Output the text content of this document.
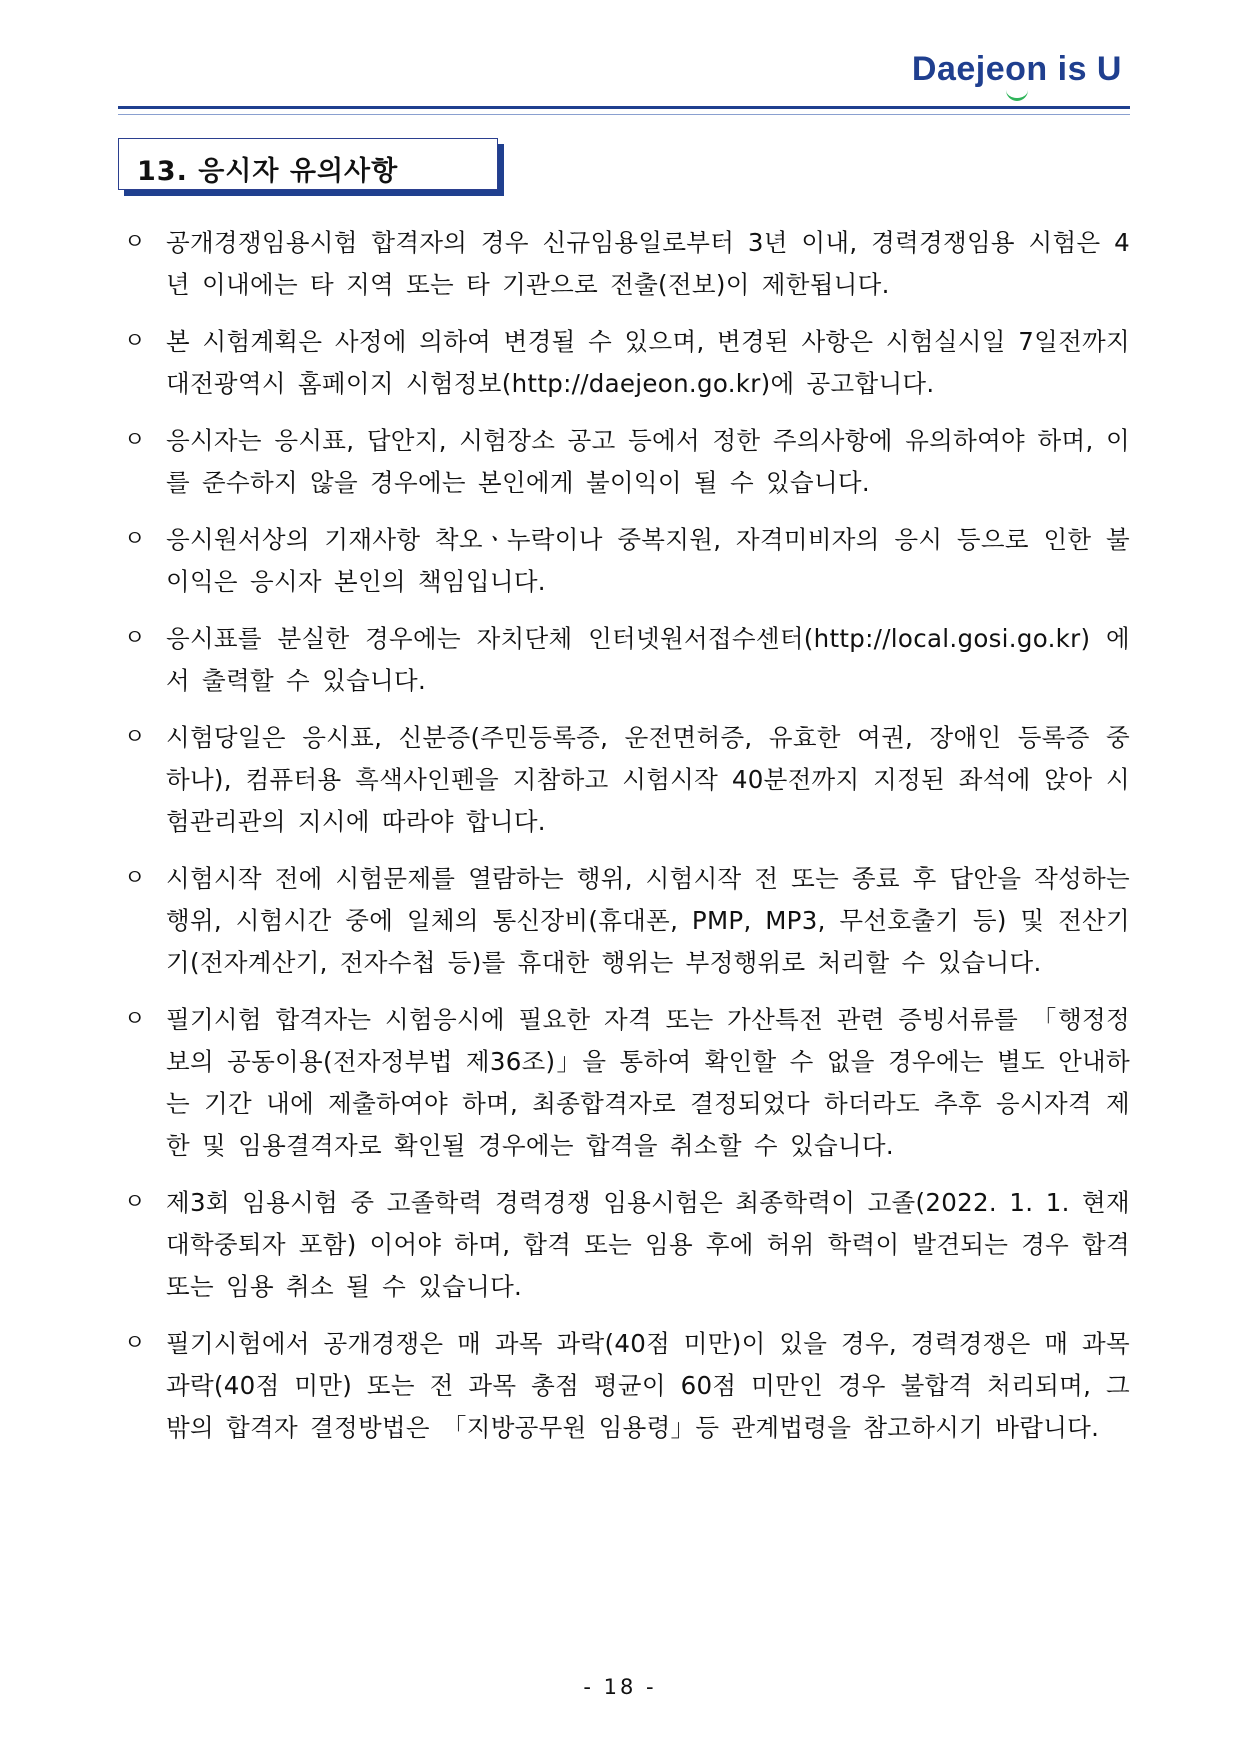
Daejeon is U
13. 응시자 유의사항
ㅇ 공개경쟁임용시험 합격자의 경우 신규임용일로부터 3년 이내, 경력경쟁임용 시험은 4년 이내에는 타 지역 또는 타 기관으로 전출(전보)이 제한됩니다.
ㅇ 본 시험계획은 사정에 의하여 변경될 수 있으며, 변경된 사항은 시험실시일 7일전까지 대전광역시 홈페이지 시험정보(http://daejeon.go.kr)에 공고합니다.
ㅇ 응시자는 응시표, 답안지, 시험장소 공고 등에서 정한 주의사항에 유의하여야 하며, 이를 준수하지 않을 경우에는 본인에게 불이익이 될 수 있습니다.
ㅇ 응시원서상의 기재사항 착오ㆍ누락이나 중복지원, 자격미비자의 응시 등으로 인한 불이익은 응시자 본인의 책임입니다.
ㅇ 응시표를 분실한 경우에는 자치단체 인터넷원서접수센터(http://local.gosi.go.kr) 에서 출력할 수 있습니다.
ㅇ 시험당일은 응시표, 신분증(주민등록증, 운전면허증, 유효한 여권, 장애인 등록증 중 하나), 컴퓨터용 흑색사인펜을 지참하고 시험시작 40분전까지 지정된 좌석에 앉아 시험관리관의 지시에 따라야 합니다.
ㅇ 시험시작 전에 시험문제를 열람하는 행위, 시험시작 전 또는 종료 후 답안을 작성하는 행위, 시험시간 중에 일체의 통신장비(휴대폰, PMP, MP3, 무선호출기 등) 및 전산기기(전자계산기, 전자수첩 등)를 휴대한 행위는 부정행위로 처리할 수 있습니다.
ㅇ 필기시험 합격자는 시험응시에 필요한 자격 또는 가산특전 관련 증빙서류를 「행정정보의 공동이용(전자정부법 제36조)」을 통하여 확인할 수 없을 경우에는 별도 안내하는 기간 내에 제출하여야 하며, 최종합격자로 결정되었다 하더라도 추후 응시자격 제한 및 임용결격자로 확인될 경우에는 합격을 취소할 수 있습니다.
ㅇ 제3회 임용시험 중 고졸학력 경력경쟁 임용시험은 최종학력이 고졸(2022. 1. 1. 현재 대학중퇴자 포함) 이어야 하며, 합격 또는 임용 후에 허위 학력이 발견되는 경우 합격 또는 임용 취소 될 수 있습니다.
ㅇ 필기시험에서 공개경쟁은 매 과목 과락(40점 미만)이 있을 경우, 경력경쟁은 매 과목 과락(40점 미만) 또는 전 과목 총점 평균이 60점 미만인 경우 불합격 처리되며, 그 밖의 합격자 결정방법은 「지방공무원 임용령」등 관계법령을 참고하시기 바랍니다.
- 18 -
